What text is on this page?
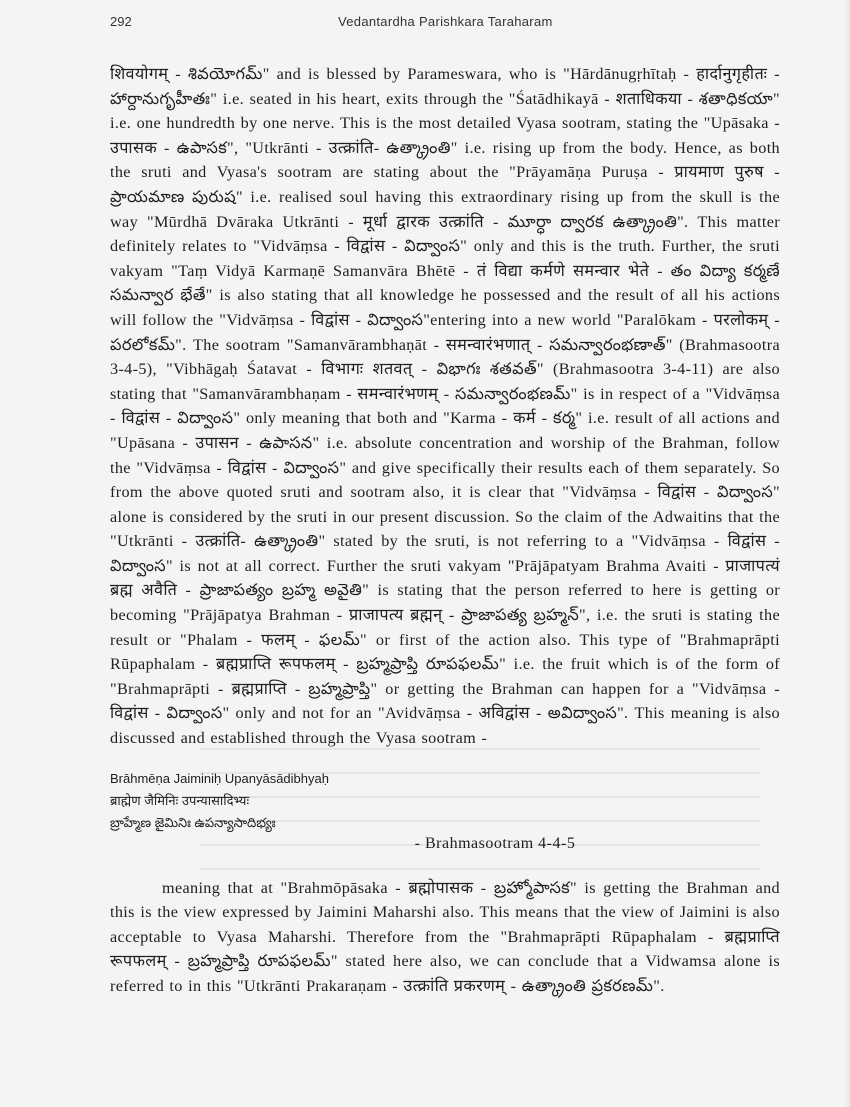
292	Vedantardha Parishkara Taraharam

शिवयोगम् - శివయోగమ్" and is blessed by Parameswara, who is "Hārdānugṛhītaḥ - हार्दानुगृहीतः - హార్దానుగృహీతః" i.e. seated in his heart, exits through the "Śatādhikayā - शताधिकया - శతాధికయా" i.e. one hundredth by one nerve. This is the most detailed Vyasa sootram, stating the "Upāsaka - उपासक - ఉపాసక", "Utkrānti - उत्क्रांति- ఉత్క్రాంతి" i.e. rising up from the body. Hence, as both the sruti and Vyasa's sootram are stating about the "Prāyamāṇa Puruṣa - प्रायमाण पुरुष - ప్రాయమాణ పురుష" i.e. realised soul having this extraordinary rising up from the skull is the way "Mūrdhā Dvāraka Utkrānti - मूर्धा द्वारक उत्क्रांति - మూర్ధా ద్వారక ఉత్క్రాంతి". This matter definitely relates to "Vidvāṃsa - विद्वांस - విద్వాంస" only and this is the truth. Further, the sruti vakyam "Taṃ Vidyā Karmaṇē Samanvāra Bhētē - तं विद्या कर्मणे समन्वार भेते - తం విద్యా కర్మణే సమన్వార భేతే" is also stating that all knowledge he possessed and the result of all his actions will follow the "Vidvāṃsa - विद्वांस - విద్వాంస"entering into a new world "Paralōkam - परलोकम् - పరలోకమ్". The sootram "Samanvārambhaṇāt - समन्वारंभणात् - సమన్వారంభణాత్" (Brahmasootra 3-4-5), "Vibhāgaḥ Śatavat - विभागः शतवत् - విభాగః శతవత్" (Brahmasootra 3-4-11) are also stating that "Samanvārambhaṇam - समन्वारंभणम् - సమన్వారంభణమ్" is in respect of a "Vidvāṃsa - विद्वांस - విద్వాంస" only meaning that both and "Karma - कर्म - కర్మ" i.e. result of all actions and "Upāsana - उपासन - ఉపాసన" i.e. absolute concentration and worship of the Brahman, follow the "Vidvāṃsa - विद्वांस - విద్వాంస" and give specifically their results each of them separately. So from the above quoted sruti and sootram also, it is clear that "Vidvāṃsa - विद्वांस - విద్వాంస" alone is considered by the sruti in our present discussion. So the claim of the Adwaitins that the "Utkrānti - उत्क्रांति- ఉత్క్రాంతి" stated by the sruti, is not referring to a "Vidvāṃsa - विद्वांस - విద్వాంస" is not at all correct. Further the sruti vakyam "Prājāpatyam Brahma Avaiti - प्राजापत्यं ब्रह्म अवैति - ప్రాజాపత్యం బ్రహ్మ అవైతి" is stating that the person referred to here is getting or becoming "Prājāpatya Brahman - प्राजापत्य ब्रह्मन् - ప్రాజాపత్య బ్రహ్మన్", i.e. the sruti is stating the result or "Phalam - फलम् - ఫలమ్" or first of the action also. This type of "Brahmaprāpti Rūpaphalam - ब्रह्मप्राप्ति रूपफलम् - బ్రహ్మప్రాప్తి రూపఫలమ్" i.e. the fruit which is of the form of "Brahmaprāpti - ब्रह्मप्राप्ति - బ్రహ్మప్రాప్తి" or getting the Brahman can happen for a "Vidvāṃsa - विद्वांस - విద్వాంస" only and not for an "Avidvāṃsa - अविद्वांस - అవిద్వాంస". This meaning is also discussed and established through the Vyasa sootram -

Brāhmēṇa Jaiminiḥ Upanyāsādibhyaḥ
ब्राह्मेण जैमिनिः उपन्यासादिभ्यः
బ్రాహ్మేణ జైమినిః ఉపన్యాసాదిభ్యః
- Brahmasootram 4-4-5

meaning that at "Brahmōpāsaka - ब्रह्मोपासक - బ్రహ్మోపాసక" is getting the Brahman and this is the view expressed by Jaimini Maharshi also. This means that the view of Jaimini is also acceptable to Vyasa Maharshi. Therefore from the "Brahmaprāpti Rūpaphalam - ब्रह्मप्राप्ति रूपफलम् - బ్రహ్మప్రాప్తి రూపఫలమ్" stated here also, we can conclude that a Vidwamsa alone is referred to in this "Utkrānti Prakaraṇam - उत्क्रांति प्रकरणम् - ఉత్క్రాంతి ప్రకరణమ్".
